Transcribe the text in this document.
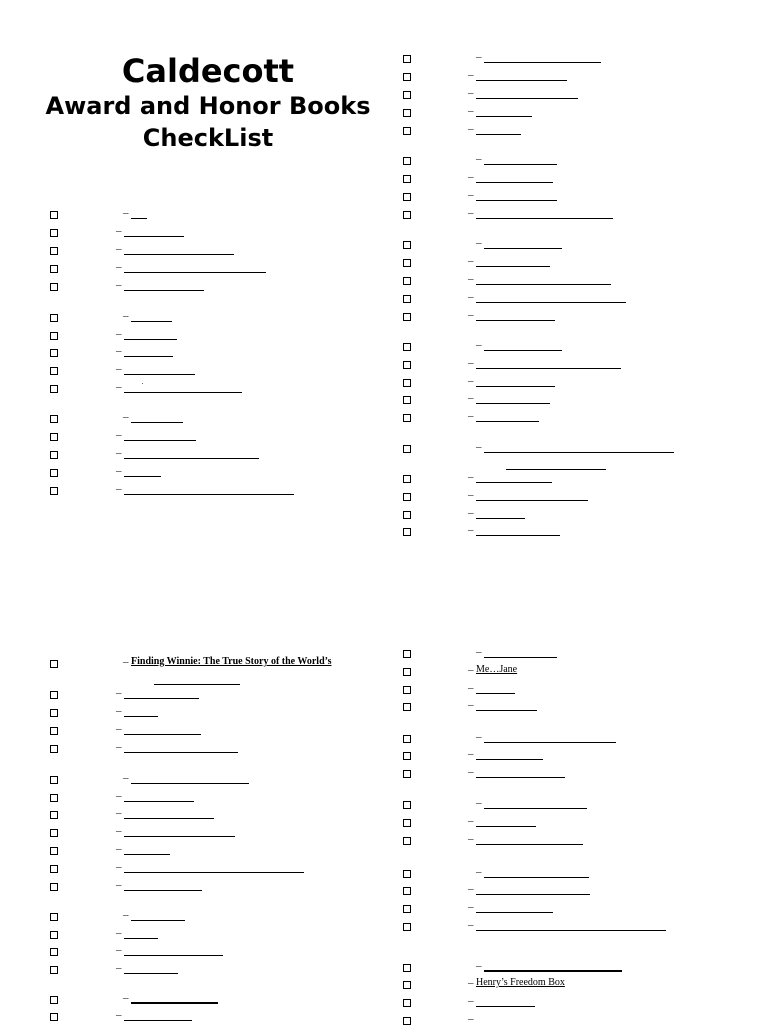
Caldecott
Award and Honor Books
CheckList
–
–
–
–
–
–
–
–
–
–
–
–
–
–
–
– Finding Winnie: The True Story of the World’s
–
–
–
–
–
–
–
–
–
–
–
–
–
–
–
–
–
–
–
–
–
–
–
–
–
–
–
–
–
–
–
–
–
–
–
–
–
–
–
–
–
–
– Me…Jane
–
–
–
–
–
–
–
–
–
–
–
–
–
– Henry’s Freedom Box
–
–
